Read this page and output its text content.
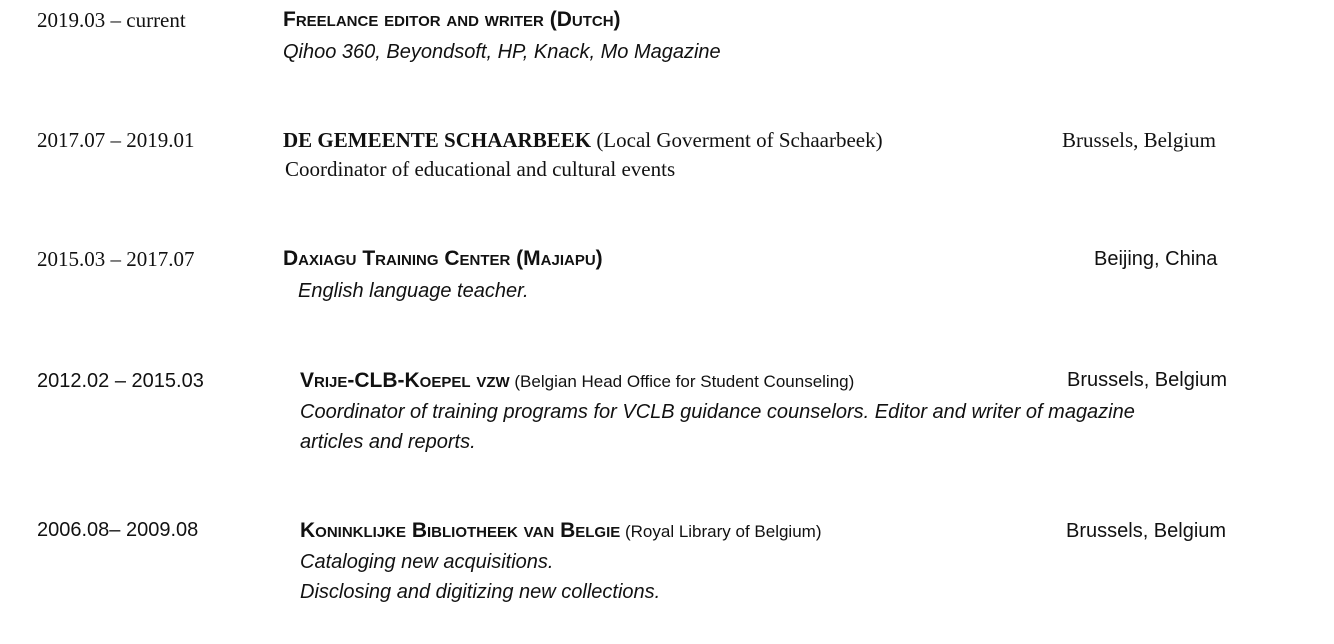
2019.03 – current	Freelance editor and writer (Dutch)
Qihoo 360, Beyondsoft, HP, Knack, Mo Magazine
2017.07 – 2019.01	DE GEMEENTE SCHAARBEEK (Local Goverment of Schaarbeek)	Brussels, Belgium
Coordinator of educational and cultural events
2015.03 – 2017.07	Daxiagu Training Center (Majiapu)	Beijing, China
English language teacher.
2012.02 – 2015.03	Vrije-CLB-Koepel vzw (Belgian Head Office for Student Counseling)	Brussels, Belgium
Coordinator of training programs for VCLB guidance counselors. Editor and writer of magazine
articles and reports.
2006.08– 2009.08	Koninklijke Bibliotheek van Belgie (Royal Library of Belgium)	Brussels, Belgium
Cataloging new acquisitions.
Disclosing and digitizing new collections.
